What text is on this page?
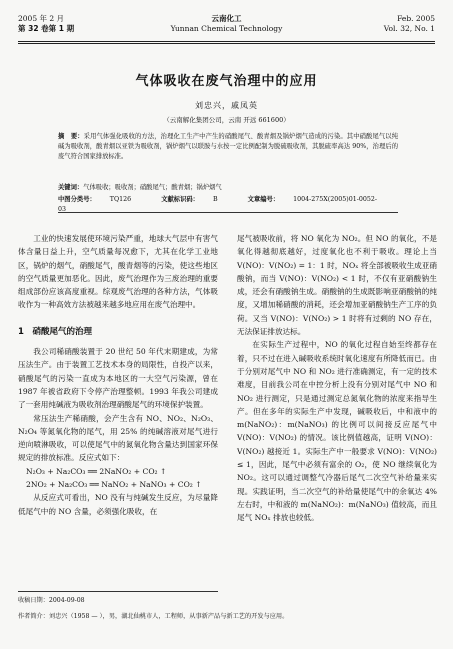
2005 年 2 月
第 32 卷第 1 期
云南化工
Yunnan Chemical Technology
Feb. 2005
Vol. 32, No. 1
气体吸收在废气治理中的应用
刘忠兴，戚凤英
（云南解化集团公司，云南 开远 661600）

摘　要：采用气体强化吸收的方法，治理化工生产中产生的硝酸尾气、酸青烟及锅炉烟气造成的污染。其中硝酸尾气以纯碱为吸收剂，酸青烟以亚铁为吸收剂，锅炉烟气以联胺与水按一定比例配制为脱硫吸收剂，其脱硫率高达 90%，治理后的废气符合国家排放标准。

关键词：气体吸收；吸收剂；硝酸尾气；酸青烟；锅炉烟气
中图分类号： TQ126	文献标识码： B	文章编号： 1004-275X(2005)01-0052-03

工业的快速发展使环境污染严重，地球大气层中有害气体含量日益上升，空气质量每况愈下，尤其在化学工业地区，锅炉的烟气，硝酸尾气，酸青烟等的污染，使这些地区的空气质量更加恶化。因此，废气治理作为三废治理的重要组成部份应该高度重视。综观废气治理的各种方法，气体吸收作为一种高效方法被越来越多地应用在废气治理中。

1　 硝酸尾气的治理

我公司稀硝酸装置于 20 世纪 50 年代末期建成，为常压法生产。由于装置工艺技术本身的局限性，自投产以来，硝酸尾气的污染一直成为本地区的一大空气污染源，曾在 1987 年被省政府下令停产治理整顿。1993 年我公司建成了一套用纯碱液为吸收剂治理硝酸尾气的环境保护装置。

常压法生产稀硝酸，会产生含有 NO、NO₂、N₂O₃、N₂O₄ 等氮氧化物的尾气，用 25% 的纯碱溶液对尾气进行逆向喷淋吸收，可以使尾气中的氮氧化物含量达到国家环保规定的排放标准。反应式如下：

N₂O₃ + Na₂CO₃ ══ 2NaNO₂ + CO₂ ↑

2NO₂ + Na₂CO₃ ══ NaNO₂ + NaNO₃ + CO₂ ↑

从反应式可看出，NO 没有与纯碱发生反应，为尽量降低尾气中的 NO 含量，必须强化吸收，在

尾气被吸收前，将 NO 氧化为 NO₂。但 NO 的氧化，不是氧化得越彻底越好，过度氧化也不利于吸收。理论上当 V(NO)：V(NO₂) = 1：1 时，NOₓ 将全部被吸收生成亚硝酸钠，而当 V(NO)：V(NO₂) < 1 时，不仅有亚硝酸钠生成，还会有硝酸钠生成。硝酸钠的生成既影响亚硝酸钠的纯度，又增加稀硝酸的消耗，还会增加亚硝酸钠生产工序的负荷。又当 V(NO)：V(NO₂) > 1 时将有过剩的 NO 存在，无法保证排放达标。

在实际生产过程中，NO 的氧化过程自始至终都存在着，只不过在进入碱吸收系统时氧化速度有所降低而已。由于分别对尾气中 NO 和 NO₂ 进行准确测定，有一定的技术难度，目前我公司在中控分析上没有分别对尾气中 NO 和 NO₂ 进行测定，只是通过测定总氮氧化物的浓度来指导生产。但在多年的实际生产中发现，碱吸收后，中和液中的 m(NaNO₂)：m(NaNO₃) 的比例可以间接反应尾气中 V(NO)：V(NO₂) 的情况。该比例值越高，证明 V(NO)：V(NO₂) 越接近 1。实际生产中一般要求 V(NO)：V(NO₂) ≤ 1，因此，尾气中必须有富余的 O₂，使 NO 继续氧化为 NO₂。这可以通过调整气冷器后尾气二次空气补给量来实现。实践证明，当二次空气的补给量使尾气中的余氧达 4% 左右时，中和液的 m(NaNO₂)：m(NaNO₃) 值较高，而且尾气 NOₓ 排放也较低。

收稿日期：2004-09-08
作者简介：刘忠兴（1958 — ），男，湖北仙桃市人，工程师，从事新产品与新工艺的开发与应用。
